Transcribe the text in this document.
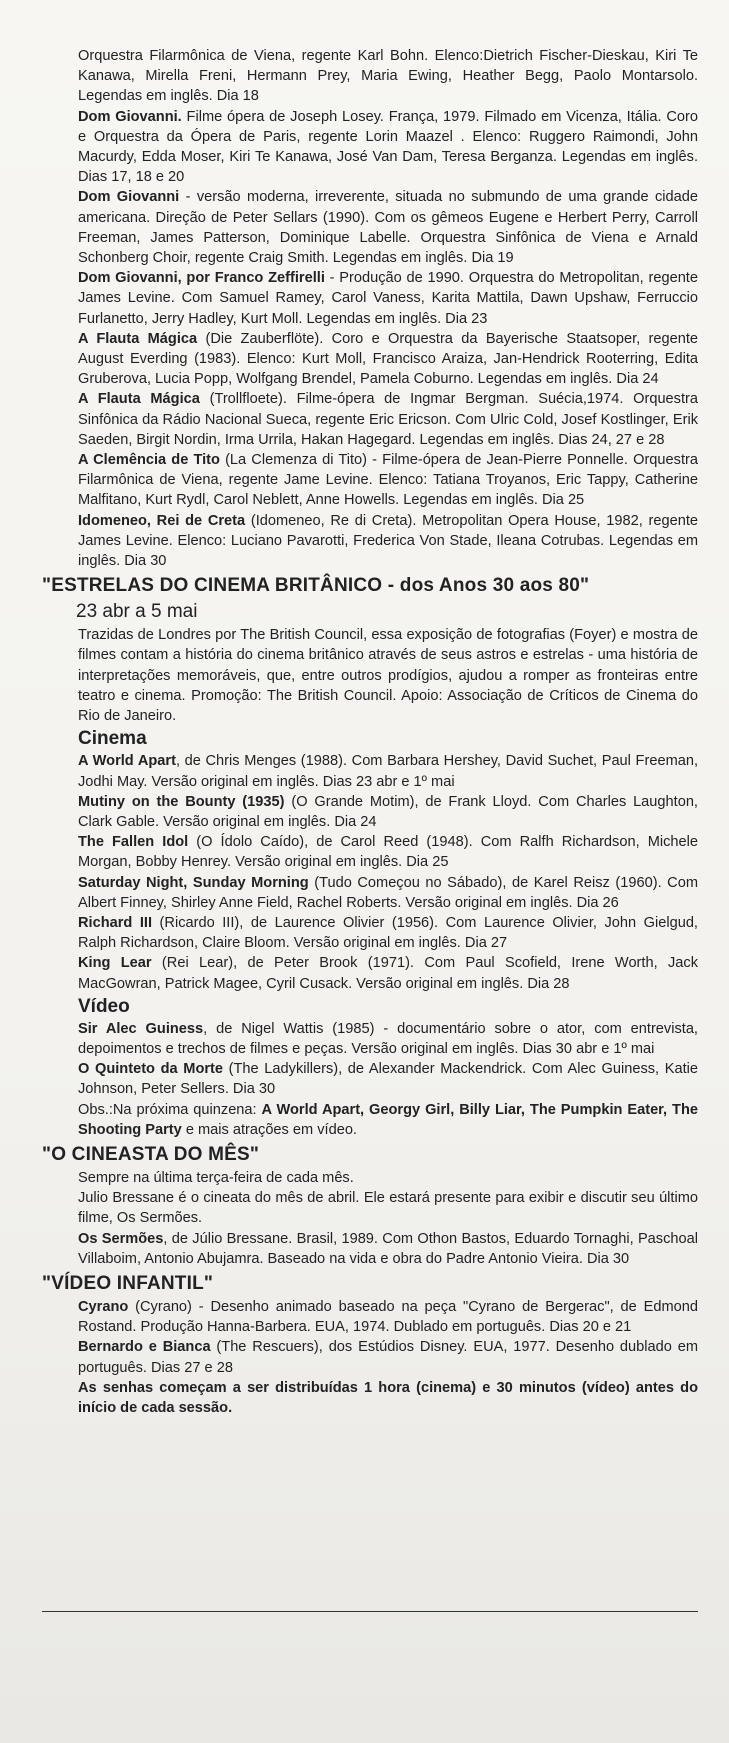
Orquestra Filarmônica de Viena, regente Karl Bohn. Elenco:Dietrich Fischer-Dieskau, Kiri Te Kanawa, Mirella Freni, Hermann Prey, Maria Ewing, Heather Begg, Paolo Montarsolo. Legendas em inglês. Dia 18

Dom Giovanni. Filme ópera de Joseph Losey. França, 1979. Filmado em Vicenza, Itália. Coro e Orquestra da Ópera de Paris, regente Lorin Maazel . Elenco: Ruggero Raimondi, John Macurdy, Edda Moser, Kiri Te Kanawa, José Van Dam, Teresa Berganza. Legendas em inglês. Dias 17, 18 e 20

Dom Giovanni - versão moderna, irreverente, situada no submundo de uma grande cidade americana. Direção de Peter Sellars (1990). Com os gêmeos Eugene e Herbert Perry, Carroll Freeman, James Patterson, Dominique Labelle. Orquestra Sinfônica de Viena e Arnald Schonberg Choir, regente Craig Smith. Legendas em inglês. Dia 19

Dom Giovanni, por Franco Zeffirelli - Produção de 1990. Orquestra do Metropolitan, regente James Levine. Com Samuel Ramey, Carol Vaness, Karita Mattila, Dawn Upshaw, Ferruccio Furlanetto, Jerry Hadley, Kurt Moll. Legendas em inglês. Dia 23

A Flauta Mágica (Die Zauberflöte). Coro e Orquestra da Bayerische Staatsoper, regente August Everding (1983). Elenco: Kurt Moll, Francisco Araiza, Jan-Hendrick Rooterring, Edita Gruberova, Lucia Popp, Wolfgang Brendel, Pamela Coburno. Legendas em inglês. Dia 24

A Flauta Mágica (Trollfloete). Filme-ópera de Ingmar Bergman. Suécia,1974. Orquestra Sinfônica da Rádio Nacional Sueca, regente Eric Ericson. Com Ulric Cold, Josef Kostlinger, Erik Saeden, Birgit Nordin, Irma Urrila, Hakan Hagegard. Legendas em inglês. Dias 24, 27 e 28

A Clemência de Tito (La Clemenza di Tito) - Filme-ópera de Jean-Pierre Ponnelle. Orquestra Filarmônica de Viena, regente Jame Levine. Elenco: Tatiana Troyanos, Eric Tappy, Catherine Malfitano, Kurt Rydl, Carol Neblett, Anne Howells. Legendas em inglês. Dia 25

Idomeneo, Rei de Creta (Idomeneo, Re di Creta). Metropolitan Opera House, 1982, regente James Levine. Elenco: Luciano Pavarotti, Frederica Von Stade, Ileana Cotrubas. Legendas em inglês. Dia 30

"ESTRELAS DO CINEMA BRITÂNICO - dos Anos 30 aos 80"
23 abr a 5 mai

Trazidas de Londres por The British Council, essa exposição de fotografias (Foyer) e mostra de filmes contam a história do cinema britânico através de seus astros e estrelas - uma história de interpretações memoráveis, que, entre outros prodígios, ajudou a romper as fronteiras entre teatro e cinema. Promoção: The British Council. Apoio: Associação de Críticos de Cinema do Rio de Janeiro.

Cinema

A World Apart, de Chris Menges (1988). Com Barbara Hershey, David Suchet, Paul Freeman, Jodhi May. Versão original em inglês. Dias 23 abr e 1º mai

Mutiny on the Bounty (1935) (O Grande Motim), de Frank Lloyd. Com Charles Laughton, Clark Gable. Versão original em inglês. Dia 24

The Fallen Idol (O Ídolo Caído), de Carol Reed (1948). Com Ralfh Richardson, Michele Morgan, Bobby Henrey. Versão original em inglês. Dia 25

Saturday Night, Sunday Morning (Tudo Começou no Sábado), de Karel Reisz (1960). Com Albert Finney, Shirley Anne Field, Rachel Roberts. Versão original em inglês. Dia 26

Richard III (Ricardo III), de Laurence Olivier (1956). Com Laurence Olivier, John Gielgud, Ralph Richardson, Claire Bloom. Versão original em inglês. Dia 27

King Lear (Rei Lear), de Peter Brook (1971). Com Paul Scofield, Irene Worth, Jack MacGowran, Patrick Magee, Cyril Cusack. Versão original em inglês. Dia 28

Vídeo

Sir Alec Guiness, de Nigel Wattis (1985) - documentário sobre o ator, com entrevista, depoimentos e trechos de filmes e peças. Versão original em inglês. Dias 30 abr e 1º mai

O Quinteto da Morte (The Ladykillers), de Alexander Mackendrick. Com Alec Guiness, Katie Johnson, Peter Sellers. Dia 30

Obs.:Na próxima quinzena: A World Apart, Georgy Girl, Billy Liar, The Pumpkin Eater, The Shooting Party e mais atrações em vídeo.

"O CINEASTA DO MÊS"

Sempre na última terça-feira de cada mês.

Julio Bressane é o cineata do mês de abril. Ele estará presente para exibir e discutir seu último filme, Os Sermões.

Os Sermões, de Júlio Bressane. Brasil, 1989. Com Othon Bastos, Eduardo Tornaghi, Paschoal Villaboim, Antonio Abujamra. Baseado na vida e obra do Padre Antonio Vieira. Dia 30

"VÍDEO INFANTIL"

Cyrano (Cyrano) - Desenho animado baseado na peça "Cyrano de Bergerac", de Edmond Rostand. Produção Hanna-Barbera. EUA, 1974. Dublado em português. Dias 20 e 21

Bernardo e Bianca (The Rescuers), dos Estúdios Disney. EUA, 1977. Desenho dublado em português. Dias 27 e 28

As senhas começam a ser distribuídas 1 hora (cinema) e 30 minutos (vídeo) antes do início de cada sessão.
